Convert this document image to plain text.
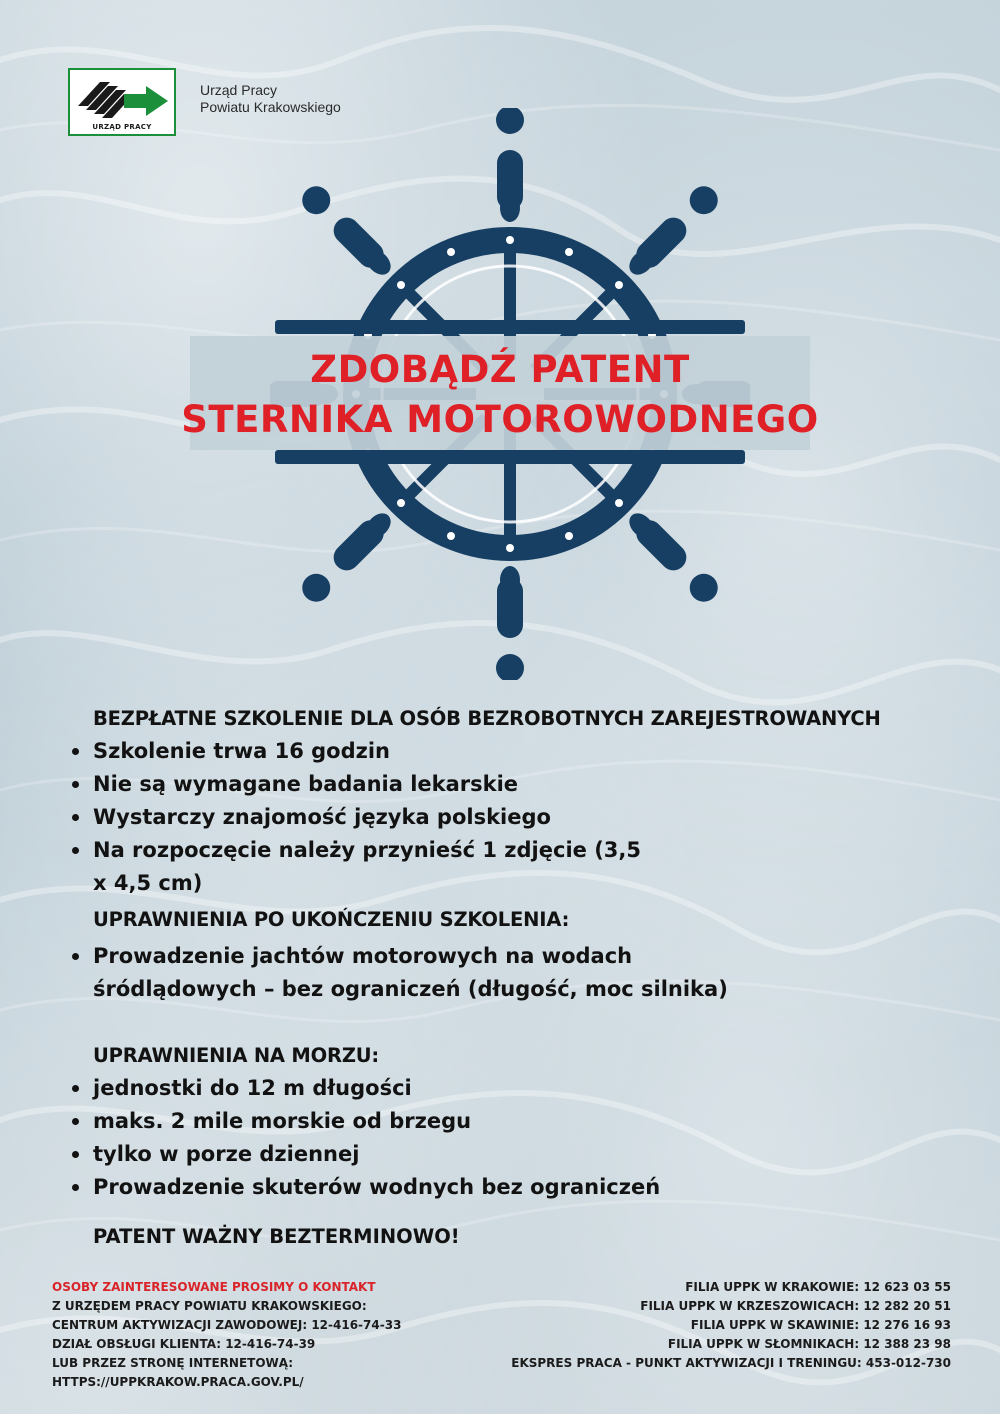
URZĄD PRACY
Urząd Pracy
Powiatu Krakowskiego
ZDOBĄDŹ PATENT
STERNIKA MOTOROWODNEGO
BEZPŁATNE SZKOLENIE DLA OSÓB BEZROBOTNYCH ZAREJESTROWANYCH
Szkolenie trwa 16 godzin
Nie są wymagane badania lekarskie
Wystarczy znajomość języka polskiego
Na rozpoczęcie należy przynieść 1 zdjęcie (3,5 x 4,5 cm)
UPRAWNIENIA PO UKOŃCZENIU SZKOLENIA:
Prowadzenie jachtów motorowych na wodach śródlądowych – bez ograniczeń (długość, moc silnika)
UPRAWNIENIA NA MORZU:
jednostki do 12 m długości
maks. 2 mile morskie od brzegu
tylko w porze dziennej
Prowadzenie skuterów wodnych bez ograniczeń
PATENT WAŻNY BEZTERMINOWO!
OSOBY ZAINTERESOWANE PROSIMY O KONTAKT
Z URZĘDEM PRACY POWIATU KRAKOWSKIEGO:
CENTRUM AKTYWIZACJI ZAWODOWEJ: 12-416-74-33
DZIAŁ OBSŁUGI KLIENTA: 12-416-74-39
LUB PRZEZ STRONĘ INTERNETOWĄ:
HTTPS://UPPKRAKOW.PRACA.GOV.PL/
FILIA UPPK W KRAKOWIE: 12 623 03 55
FILIA UPPK W KRZESZOWICACH: 12 282 20 51
FILIA UPPK W SKAWINIE: 12 276 16 93
FILIA UPPK W SŁOMNIKACH: 12 388 23 98
EKSPRES PRACA - PUNKT AKTYWIZACJI I TRENINGU: 453-012-730
